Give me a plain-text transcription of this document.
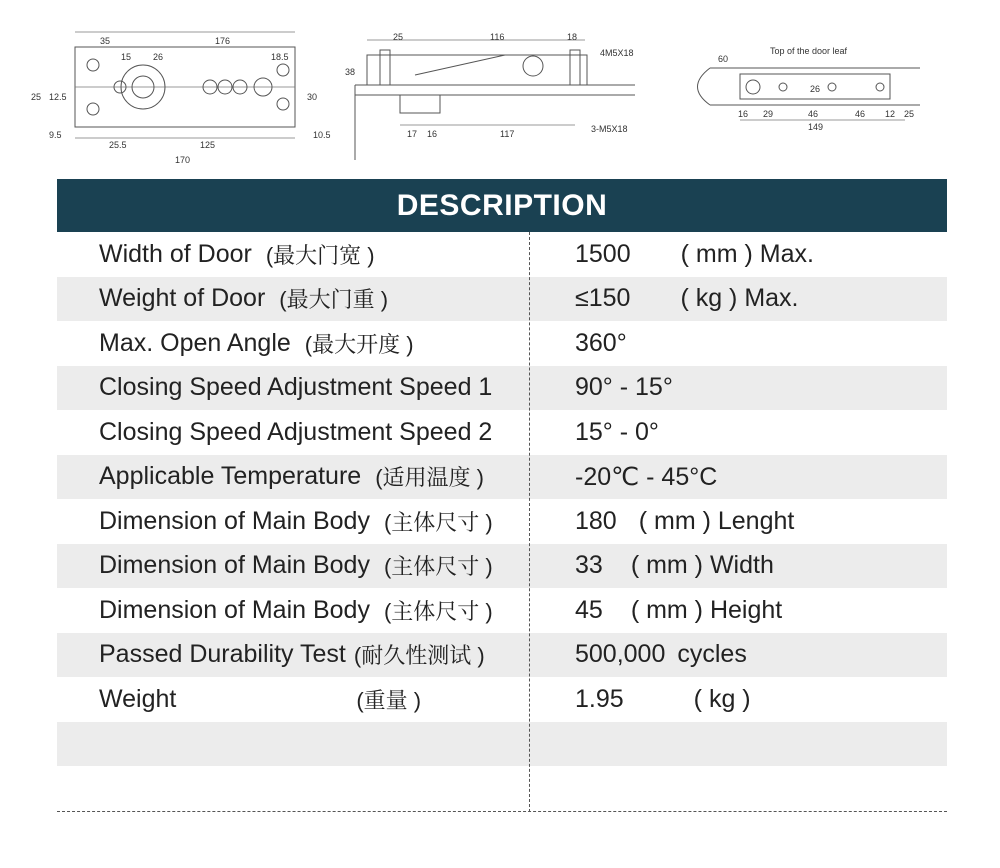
35	176
15 26	18.5
25 12.5	30
9.5
25.5	125
10.5
170
25	116	18
4M5X18
38
17 16	117	3-M5X18
Top of the door leaf
60
26
16 29	46	46 12 25
149
DESCRIPTION
Width of Door (最大门宽 )	1500 ( mm ) Max.
Weight of Door (最大门重 )	≤150 ( kg ) Max.
Max. Open Angle (最大开度 )	360°
Closing Speed Adjustment Speed 1	90° - 15°
Closing Speed Adjustment Speed 2	15° - 0°
Applicable Temperature (适用温度 )	-20℃ - 45°C
Dimension of Main Body (主体尺寸 )	180 ( mm ) Lenght
Dimension of Main Body (主体尺寸 )	33 ( mm ) Width
Dimension of Main Body (主体尺寸 )	45 ( mm ) Height
Passed Durability Test (耐久性测试 )	500,000 cycles
Weight	(重量 )	1.95	( kg )
